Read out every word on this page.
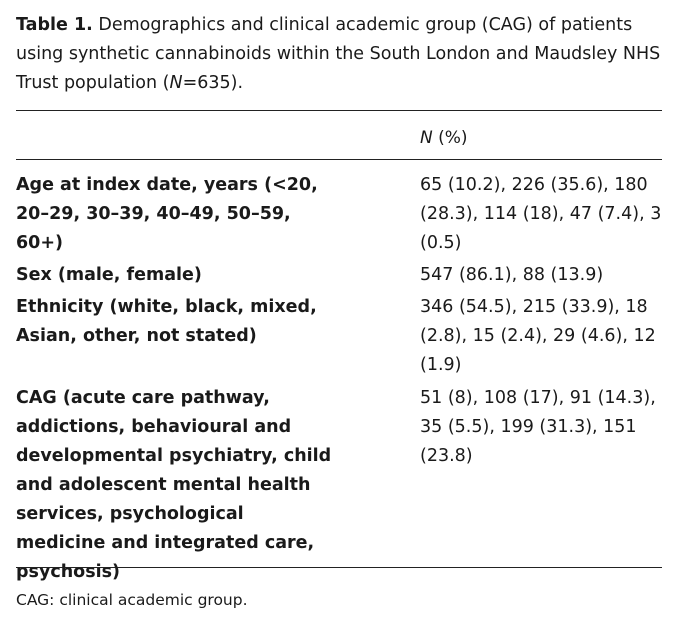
Table 1. Demographics and clinical academic group (CAG) of patients using synthetic cannabinoids within the South London and Maudsley NHS Trust population (N=635).
N (%)
Age at index date, years (<20, 20–29, 30–39, 40–49, 50–59, 60+)
65 (10.2), 226 (35.6), 180 (28.3), 114 (18), 47 (7.4), 3 (0.5)
Sex (male, female)	547 (86.1), 88 (13.9)
Ethnicity (white, black, mixed, Asian, other, not stated)
346 (54.5), 215 (33.9), 18 (2.8), 15 (2.4), 29 (4.6), 12 (1.9)
CAG (acute care pathway, addictions, behavioural and developmental psychiatry, child and adolescent mental health services, psychological medicine and integrated care, psychosis)
51 (8), 108 (17), 91 (14.3), 35 (5.5), 199 (31.3), 151 (23.8)
CAG: clinical academic group.
